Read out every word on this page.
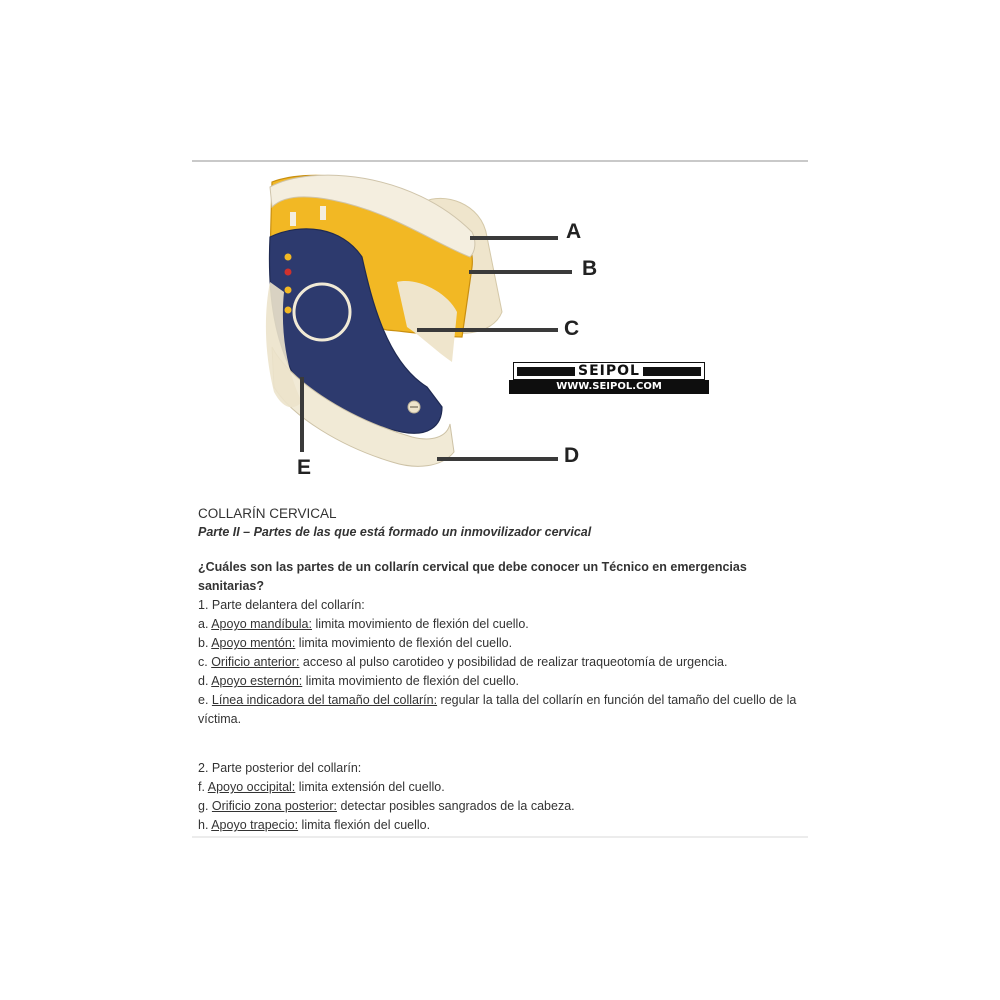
A
B
C
D
E
SEIPOL
WWW.SEIPOL.COM
COLLARÍN CERVICAL
Parte II – Partes de las que está formado un inmovilizador cervical
¿Cuáles son las partes de un collarín cervical que debe conocer un Técnico en emergencias sanitarias?
1. Parte delantera del collarín:
a. Apoyo mandíbula: limita movimiento de flexión del cuello.
b. Apoyo mentón: limita movimiento de flexión del cuello.
c. Orificio anterior: acceso al pulso carotideo y posibilidad de realizar traqueotomía de urgencia.
d. Apoyo esternón: limita movimiento de flexión del cuello.
e. Línea indicadora del tamaño del collarín: regular la talla del collarín en función del tamaño del cuello de la víctima.
2. Parte posterior del collarín:
f. Apoyo occipital: limita extensión del cuello.
g. Orificio zona posterior: detectar posibles sangrados de la cabeza.
h. Apoyo trapecio: limita flexión del cuello.
